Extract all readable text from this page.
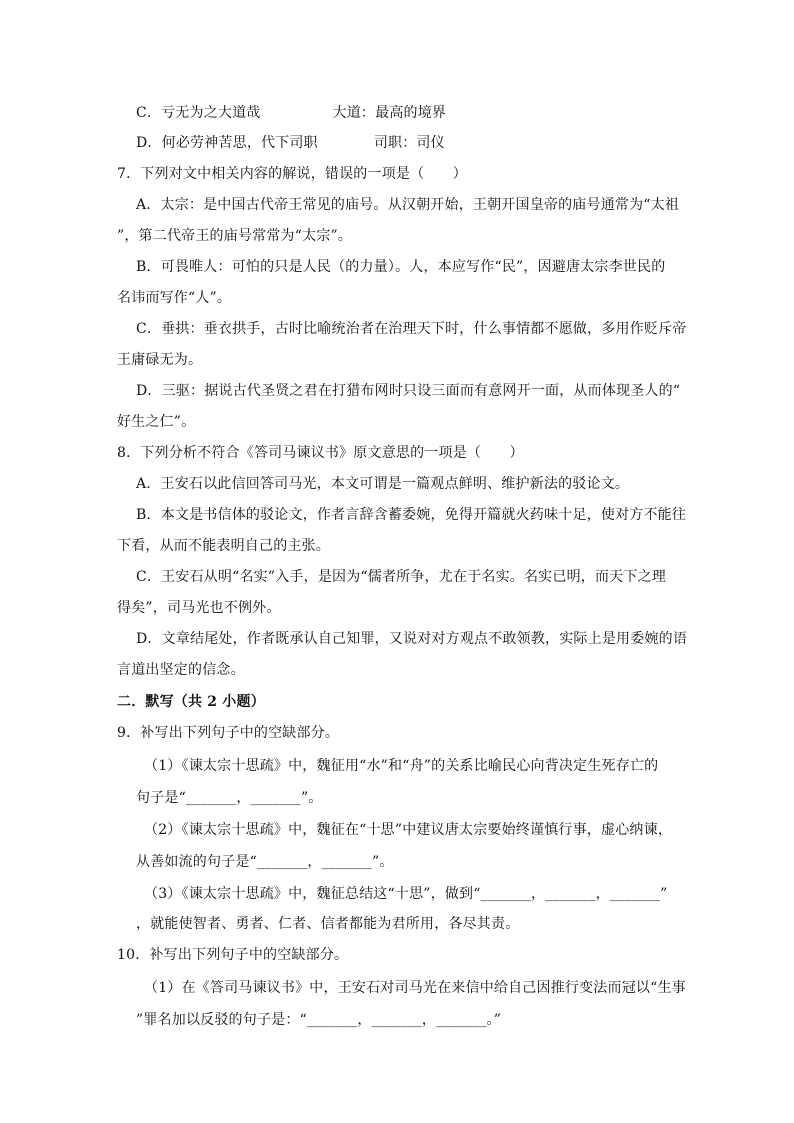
C．亏无为之大道哉	大道：最高的境界
D．何必劳神苦思，代下司职	司职：司仪
7．下列对文中相关内容的解说，错误的一项是（　　）
A．太宗：是中国古代帝王常见的庙号。从汉朝开始，王朝开国皇帝的庙号通常为“太祖
”，第二代帝王的庙号常常为“太宗”。
B．可畏唯人：可怕的只是人民（的力量）。人，本应写作“民”，因避唐太宗李世民的
名讳而写作“人”。
C．垂拱：垂衣拱手，古时比喻统治者在治理天下时，什么事情都不愿做，多用作贬斥帝
王庸碌无为。
D．三驱：据说古代圣贤之君在打猎布网时只设三面而有意网开一面，从而体现圣人的“
好生之仁”。
8．下列分析不符合《答司马谏议书》原文意思的一项是（　　）
A．王安石以此信回答司马光，本文可谓是一篇观点鲜明、维护新法的驳论文。
B．本文是书信体的驳论文，作者言辞含蓄委婉，免得开篇就火药味十足，使对方不能往
下看，从而不能表明自己的主张。
C．王安石从明“名实”入手，是因为“儒者所争，尤在于名实。名实已明，而天下之理
得矣”，司马光也不例外。
D．文章结尾处，作者既承认自己知罪，又说对对方观点不敢领教，实际上是用委婉的语
言道出坚定的信念。
二．默写（共 2 小题）
9．补写出下列句子中的空缺部分。
（1）《谏太宗十思疏》中，魏征用“水”和“舟”的关系比喻民心向背决定生死存亡的
句子是“_______，_______”。
（2）《谏太宗十思疏》中，魏征在“十思”中建议唐太宗要始终谨慎行事，虚心纳谏，
从善如流的句子是“_______，_______”。
（3）《谏太宗十思疏》中，魏征总结这“十思”，做到“_______，_______，_______”
，就能使智者、勇者、仁者、信者都能为君所用，各尽其责。
10．补写出下列句子中的空缺部分。
（1）在《答司马谏议书》中，王安石对司马光在来信中给自己因推行变法而冠以“生事
”罪名加以反驳的句子是：“_______，_______，_______。”
